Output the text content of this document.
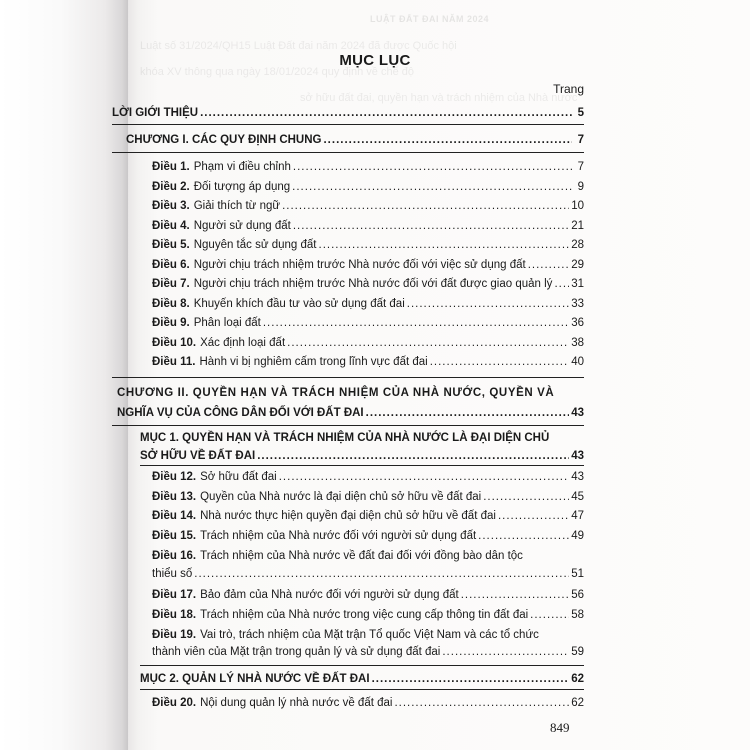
LUẬT ĐẤT ĐAI NĂM 2024
Luật số 31/2024/QH15 Luật Đất đai năm 2024 đã được Quốc hội
khóa XV thông qua ngày 18/01/2024 quy định về chế độ
sở hữu đất đai, quyền hạn và trách nhiệm của Nhà nước
MỤC LỤC
Trang
LỜI GIỚI THIỆU .....	5
CHƯƠNG I. CÁC QUY ĐỊNH CHUNG .....	7
Điều 1. Phạm vi điều chỉnh .....	7
Điều 2. Đối tượng áp dụng .....	9
Điều 3. Giải thích từ ngữ .....	10
Điều 4. Người sử dụng đất .....	21
Điều 5. Nguyên tắc sử dụng đất .....	28
Điều 6. Người chịu trách nhiệm trước Nhà nước đối với việc sử dụng đất .....	29
Điều 7. Người chịu trách nhiệm trước Nhà nước đối với đất được giao quản lý ..... 31
Điều 8. Khuyến khích đầu tư vào sử dụng đất đai .....	33
Điều 9. Phân loại đất .....	36
Điều 10. Xác định loại đất .....	38
Điều 11. Hành vi bị nghiêm cấm trong lĩnh vực đất đai .....	40
CHƯƠNG II. QUYỀN HẠN VÀ TRÁCH NHIỆM CỦA NHÀ NƯỚC, QUYỀN VÀ
NGHĨA VỤ CỦA CÔNG DÂN ĐỐI VỚI ĐẤT ĐAI .....	43
MỤC 1. QUYỀN HẠN VÀ TRÁCH NHIỆM CỦA NHÀ NƯỚC LÀ ĐẠI DIỆN CHỦ
SỞ HỮU VỀ ĐẤT ĐAI .....	43
Điều 12. Sở hữu đất đai .....	43
Điều 13. Quyền của Nhà nước là đại diện chủ sở hữu về đất đai .....	45
Điều 14. Nhà nước thực hiện quyền đại diện chủ sở hữu về đất đai .....	47
Điều 15. Trách nhiệm của Nhà nước đối với người sử dụng đất .....	49
Điều 16. Trách nhiệm của Nhà nước về đất đai đối với đồng bào dân tộc
thiểu số .....	51
Điều 17. Bảo đảm của Nhà nước đối với người sử dụng đất .....	56
Điều 18. Trách nhiệm của Nhà nước trong việc cung cấp thông tin đất đai .....	58
Điều 19. Vai trò, trách nhiệm của Mặt trận Tổ quốc Việt Nam và các tổ chức
thành viên của Mặt trận trong quản lý và sử dụng đất đai .....	59
MỤC 2. QUẢN LÝ NHÀ NƯỚC VỀ ĐẤT ĐAI .....	62
Điều 20. Nội dung quản lý nhà nước về đất đai .....	62
849
